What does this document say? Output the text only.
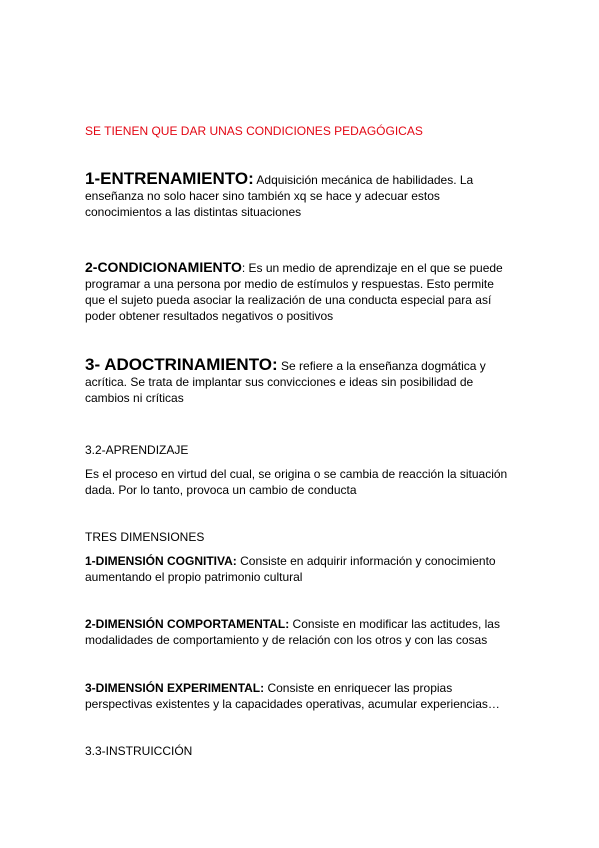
SE TIENEN QUE DAR UNAS CONDICIONES PEDAGÓGICAS
1-ENTRENAMIENTO: Adquisición mecánica de habilidades. La enseñanza no solo hacer sino también xq se hace y adecuar estos conocimientos a las distintas situaciones
2-CONDICIONAMIENTO: Es un medio de aprendizaje en el que se puede programar a una persona por medio de estímulos y respuestas. Esto permite que el sujeto pueda asociar la realización de una conducta especial para así poder obtener resultados negativos o positivos
3- ADOCTRINAMIENTO: Se refiere a la enseñanza dogmática y acrítica. Se trata de implantar sus convicciones e ideas sin posibilidad de cambios ni críticas
3.2-APRENDIZAJE
Es el proceso en virtud del cual, se origina o se cambia de reacción la situación dada. Por lo tanto, provoca un cambio de conducta
TRES DIMENSIONES
1-DIMENSIÓN COGNITIVA: Consiste en adquirir información y conocimiento aumentando el propio patrimonio cultural
2-DIMENSIÓN COMPORTAMENTAL: Consiste en modificar las actitudes, las modalidades de comportamiento y de relación con los otros y con las cosas
3-DIMENSIÓN EXPERIMENTAL: Consiste en enriquecer las propias perspectivas existentes y la capacidades operativas, acumular experiencias…
3.3-INSTRUICCIÓN
